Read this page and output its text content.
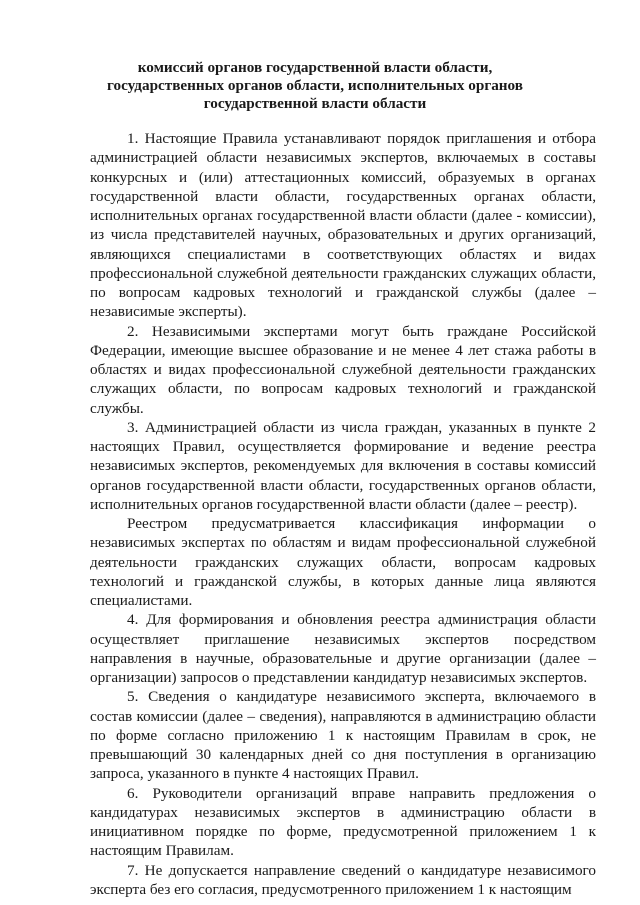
комиссий органов государственной власти области,
государственных органов области, исполнительных органов
государственной власти области

1. Настоящие Правила устанавливают порядок приглашения и отбора администрацией области независимых экспертов, включаемых в составы конкурсных и (или) аттестационных комиссий, образуемых в органах государственной власти области, государственных органах области, исполнительных органах государственной власти области (далее - комиссии), из числа представителей научных, образовательных и других организаций, являющихся специалистами в соответствующих областях и видах профессиональной служебной деятельности гражданских служащих области, по вопросам кадровых технологий и гражданской службы (далее – независимые эксперты).

2. Независимыми экспертами могут быть граждане Российской Федерации, имеющие высшее образование и не менее 4 лет стажа работы в областях и видах профессиональной служебной деятельности гражданских служащих области, по вопросам кадровых технологий и гражданской службы.

3. Администрацией области из числа граждан, указанных в пункте 2 настоящих Правил, осуществляется формирование и ведение реестра независимых экспертов, рекомендуемых для включения в составы комиссий органов государственной власти области, государственных органов области, исполнительных органов государственной власти области (далее – реестр).

Реестром предусматривается классификация информации о независимых экспертах по областям и видам профессиональной служебной деятельности гражданских служащих области, вопросам кадровых технологий и гражданской службы, в которых данные лица являются специалистами.

4. Для формирования и обновления реестра администрация области осуществляет приглашение независимых экспертов посредством направления в научные, образовательные и другие организации (далее – организации) запросов о представлении кандидатур независимых экспертов.

5. Сведения о кандидатуре независимого эксперта, включаемого в состав комиссии (далее – сведения), направляются в администрацию области по форме согласно приложению 1 к настоящим Правилам в срок, не превышающий 30 календарных дней со дня поступления в организацию запроса, указанного в пункте 4 настоящих Правил.

6. Руководители организаций вправе направить предложения о кандидатурах независимых экспертов в администрацию области в инициативном порядке по форме, предусмотренной приложением 1 к настоящим Правилам.

7. Не допускается направление сведений о кандидатуре независимого эксперта без его согласия, предусмотренного приложением 1 к настоящим
